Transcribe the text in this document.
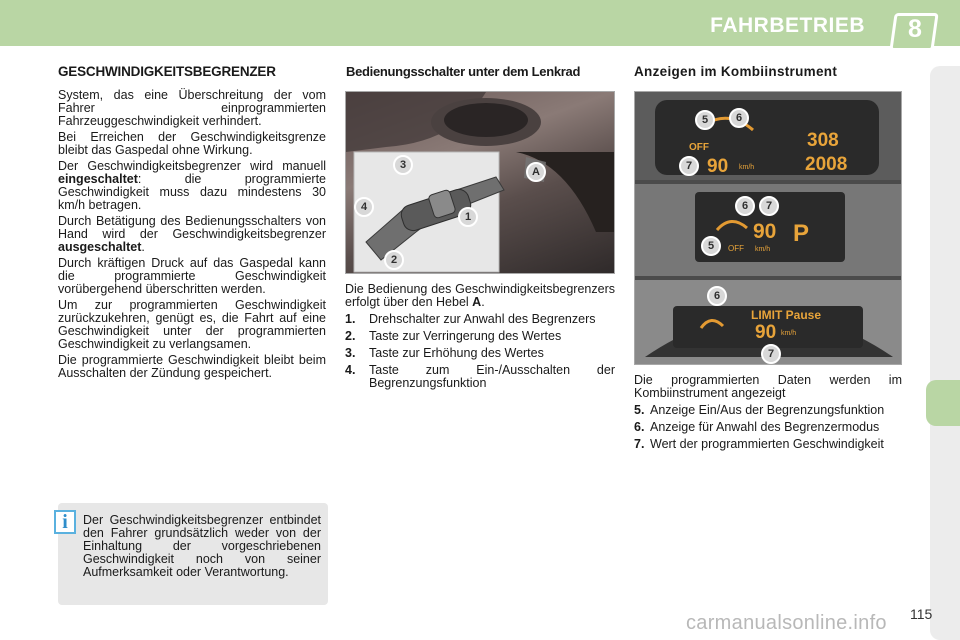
FAHRBETRIEB 8
GESCHWINDIGKEITSBEGRENZER

System, das eine Überschreitung der vom Fahrer einprogrammierten Fahrzeuggeschwindigkeit verhindert.

Bei Erreichen der Geschwindigkeitsgrenze bleibt das Gaspedal ohne Wirkung.

Der Geschwindigkeitsbegrenzer wird manuell eingeschaltet: die programmierte Geschwindigkeit muss dazu mindestens 30 km/h betragen.

Durch Betätigung des Bedienungsschalters von Hand wird der Geschwindigkeitsbegrenzer ausgeschaltet.

Durch kräftigen Druck auf das Gaspedal kann die programmierte Geschwindigkeit vorübergehend überschritten werden.

Um zur programmierten Geschwindigkeit zurückzukehren, genügt es, die Fahrt auf eine Geschwindigkeit unter der programmierten Geschwindigkeit zu verlangsamen.

Die programmierte Geschwindigkeit bleibt beim Ausschalten der Zündung gespeichert.

i	Der Geschwindigkeitsbegrenzer entbindet den Fahrer grundsätzlich weder von der Einhaltung der vorgeschriebenen Geschwindigkeit noch von seiner Aufmerksamkeit oder Verantwortung.
Bedienungsschalter unter dem Lenkrad
3
A
4
1
2

Die Bedienung des Geschwindigkeitsbegrenzers erfolgt über den Hebel A.

1.	Drehschalter zur Anwahl des Begrenzers
2.	Taste zur Verringerung des Wertes
3.	Taste zur Erhöhung des Wertes
4.	Taste zum Ein-/Ausschalten der Begrenzungsfunktion
Anzeigen im Kombiinstrument
OFF
90 km/h
308
2008
5	6
7
OFF
90
km/h
P
6	7
5
LIMIT Pause
90 km/h
6
7

Die programmierten Daten werden im Kombiinstrument angezeigt

5. Anzeige Ein/Aus der Begrenzungsfunktion
6. Anzeige für Anwahl des Begrenzermodus
7. Wert der programmierten Geschwindigkeit
115
carmanualsonline.info
